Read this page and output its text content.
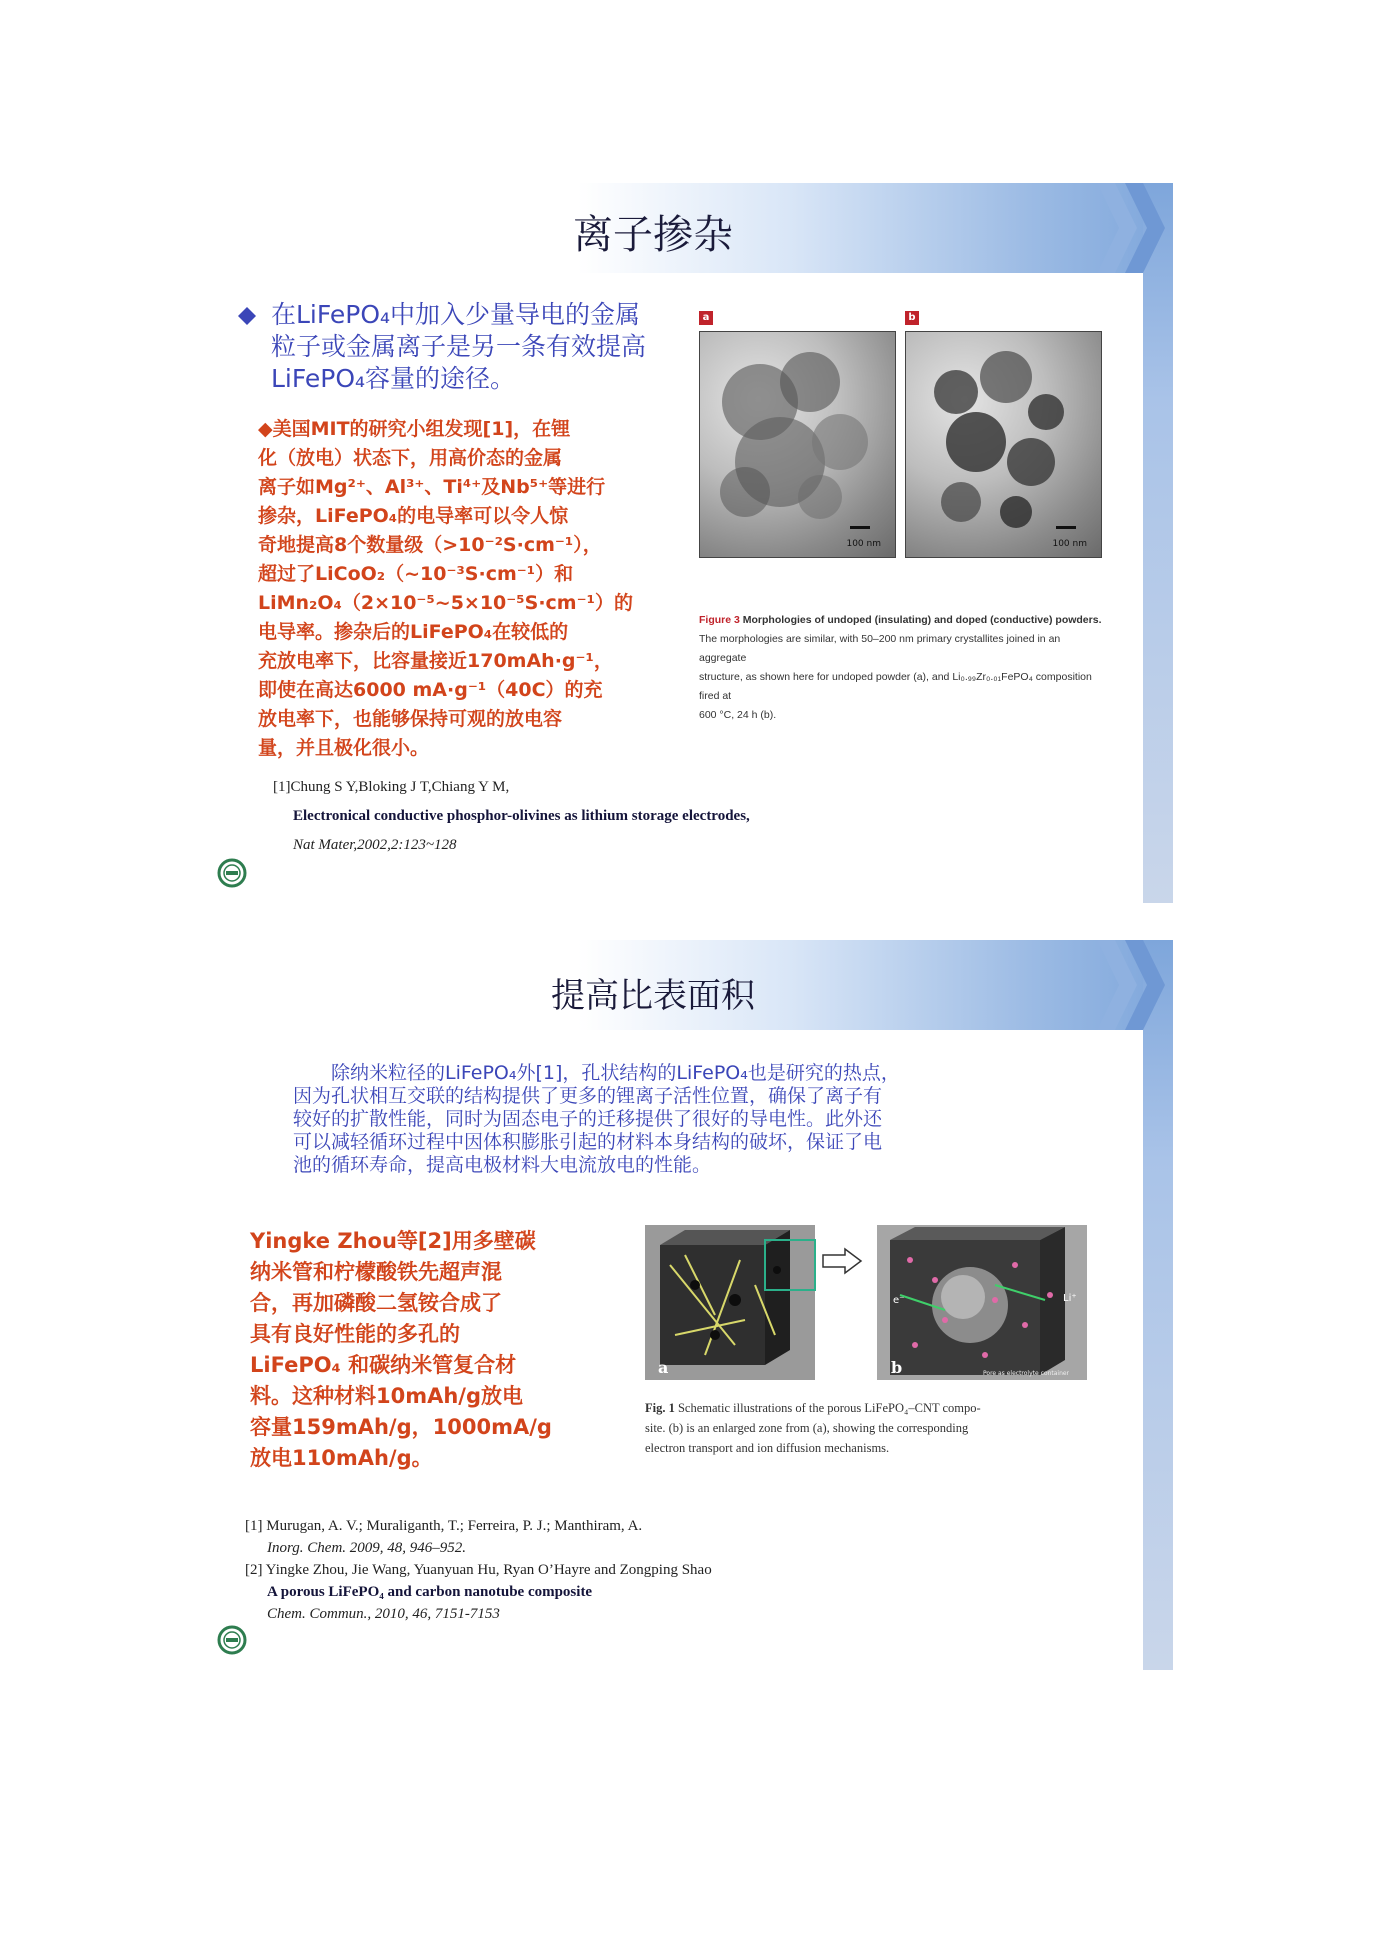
离子掺杂
在LiFePO₄中加入少量导电的金属
粒子或金属离子是另一条有效提高
LiFePO₄容量的途径。
◆美国MIT的研究小组发现[1]，在锂
化（放电）状态下，用高价态的金属
离子如Mg²⁺、Al³⁺、Ti⁴⁺及Nb⁵⁺等进行
掺杂，LiFePO₄的电导率可以令人惊
奇地提高8个数量级（>10⁻²S·cm⁻¹），
超过了LiCoO₂（~10⁻³S·cm⁻¹）和
LiMn₂O₄（2×10⁻⁵~5×10⁻⁵S·cm⁻¹）的
电导率。掺杂后的LiFePO₄在较低的
充放电率下，比容量接近170mAh·g⁻¹，
即使在高达6000 mA·g⁻¹（40C）的充
放电率下，也能够保持可观的放电容
量，并且极化很小。
a	b
100 nm	100 nm
Figure 3 Morphologies of undoped (insulating) and doped (conductive) powders.
The morphologies are similar, with 50–200 nm primary crystallites joined in an aggregate
structure, as shown here for undoped powder (a), and Li₀.₉₉Zr₀.₀₁FePO₄ composition fired at
600 °C, 24 h (b).
[1]Chung S Y,Bloking J T,Chiang Y M,
Electronical conductive phosphor-olivines as lithium storage electrodes,
Nat Mater,2002,2:123~128
提高比表面积
除纳米粒径的LiFePO₄外[1]，孔状结构的LiFePO₄也是研究的热点，
因为孔状相互交联的结构提供了更多的锂离子活性位置，确保了离子有
较好的扩散性能，同时为固态电子的迁移提供了很好的导电性。此外还
可以减轻循环过程中因体积膨胀引起的材料本身结构的破坏，保证了电
池的循环寿命，提高电极材料大电流放电的性能。
Yingke Zhou等[2]用多壁碳
纳米管和柠檬酸铁先超声混
合，再加磷酸二氢铵合成了
具有良好性能的多孔的
LiFePO₄ 和碳纳米管复合材
料。这种材料10mAh/g放电
容量159mAh/g，1000mA/g
放电110mAh/g。
a	b
Li⁺
e⁻
Pore as electrolyte container
Fig. 1 Schematic illustrations of the porous LiFePO₄–CNT compo-
site. (b) is an enlarged zone from (a), showing the corresponding
electron transport and ion diffusion mechanisms.
[1] Murugan, A. V.; Muraliganth, T.; Ferreira, P. J.; Manthiram, A.
Inorg. Chem. 2009, 48, 946–952.
[2] Yingke Zhou, Jie Wang, Yuanyuan Hu, Ryan O’Hayre and Zongping Shao
A porous LiFePO₄ and carbon nanotube composite
Chem. Commun., 2010, 46, 7151-7153
